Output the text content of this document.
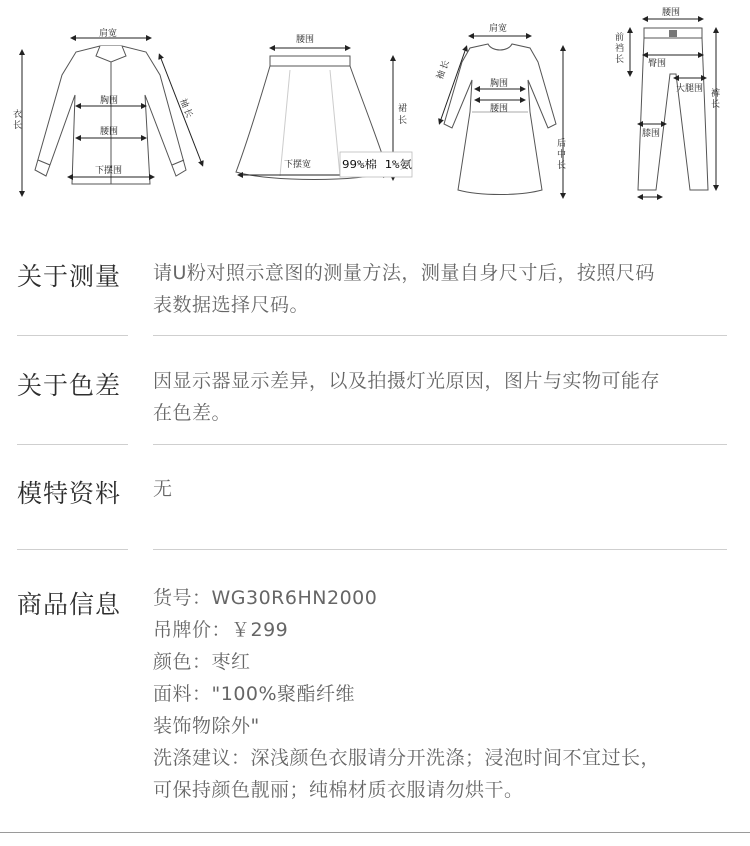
肩宽
胸围
腰围
下摆围
衣
长
袖
长
腰围
下摆宽
裙
长
99%棉 1%氨
肩宽
胸围
腰围
袖
长
后
中
长
腰围
臀围
大腿围
膝围
前
裆
长
裤
长
关于测量 请U粉对照示意图的测量方法，测量自身尺寸后，按照尺码
表数据选择尺码。
关于色差 因显示器显示差异，以及拍摄灯光原因，图片与实物可能存
在色差。
模特资料 无
商品信息 货号：WG30R6HN2000
吊牌价：￥299
颜色：枣红
面料："100%聚酯纤维
装饰物除外"
洗涤建议：深浅颜色衣服请分开洗涤；浸泡时间不宜过长，
可保持颜色靓丽；纯棉材质衣服请勿烘干。
